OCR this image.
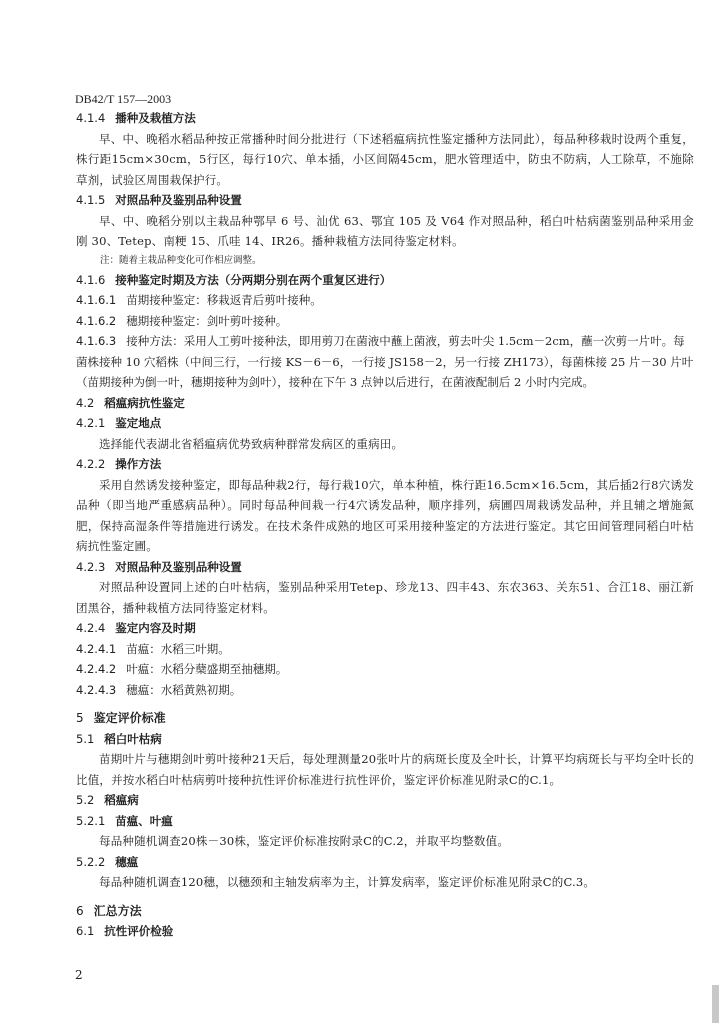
DB42/T 157—2003
4.1.4 播种及栽植方法
早、中、晚稻水稻品种按正常播种时间分批进行（下述稻瘟病抗性鉴定播种方法同此），每品种移栽时设两个重复，株行距15cm×30cm，5行区，每行10穴、单本插，小区间隔45cm，肥水管理适中，防虫不防病，人工除草，不施除草剂，试验区周围栽保护行。
4.1.5 对照品种及鉴别品种设置
早、中、晚稻分别以主栽品种鄂早 6 号、汕优 63、鄂宜 105 及 V64 作对照品种，稻白叶枯病菌鉴别品种采用金刚 30、Tetep、南粳 15、爪哇 14、IR26。播种栽植方法同待鉴定材料。
注：随着主栽品种变化可作相应调整。
4.1.6 接种鉴定时期及方法（分两期分别在两个重复区进行）
4.1.6.1 苗期接种鉴定：移栽返青后剪叶接种。
4.1.6.2 穗期接种鉴定：剑叶剪叶接种。
4.1.6.3 接种方法：采用人工剪叶接种法，即用剪刀在菌液中蘸上菌液，剪去叶尖 1.5cm－2cm，蘸一次剪一片叶。每菌株接种 10 穴稻株（中间三行，一行接 KS－6－6，一行接 JS158－2，另一行接 ZH173），每菌株接 25 片－30 片叶（苗期接种为倒一叶，穗期接种为剑叶），接种在下午 3 点钟以后进行，在菌液配制后 2 小时内完成。
4.2 稻瘟病抗性鉴定
4.2.1 鉴定地点
选择能代表湖北省稻瘟病优势致病种群常发病区的重病田。
4.2.2 操作方法
采用自然诱发接种鉴定，即每品种栽2行，每行栽10穴，单本种植，株行距16.5cm×16.5cm，其后插2行8穴诱发品种（即当地严重感病品种）。同时每品种间栽一行4穴诱发品种，顺序排列，病圃四周栽诱发品种，并且辅之增施氮肥，保持高湿条件等措施进行诱发。在技术条件成熟的地区可采用接种鉴定的方法进行鉴定。其它田间管理同稻白叶枯病抗性鉴定圃。
4.2.3 对照品种及鉴别品种设置
对照品种设置同上述的白叶枯病，鉴别品种采用Tetep、珍龙13、四丰43、东农363、关东51、合江18、丽江新团黑谷，播种栽植方法同待鉴定材料。
4.2.4 鉴定内容及时期
4.2.4.1 苗瘟：水稻三叶期。
4.2.4.2 叶瘟：水稻分蘖盛期至抽穗期。
4.2.4.3 穗瘟：水稻黄熟初期。
5 鉴定评价标准
5.1 稻白叶枯病
苗期叶片与穗期剑叶剪叶接种21天后，每处理测量20张叶片的病斑长度及全叶长，计算平均病斑长与平均全叶长的比值，并按水稻白叶枯病剪叶接种抗性评价标准进行抗性评价，鉴定评价标准见附录C的C.1。
5.2 稻瘟病
5.2.1 苗瘟、叶瘟
每品种随机调查20株－30株，鉴定评价标准按附录C的C.2，并取平均整数值。
5.2.2 穗瘟
每品种随机调查120穗，以穗颈和主轴发病率为主，计算发病率，鉴定评价标准见附录C的C.3。
6 汇总方法
6.1 抗性评价检验
2
